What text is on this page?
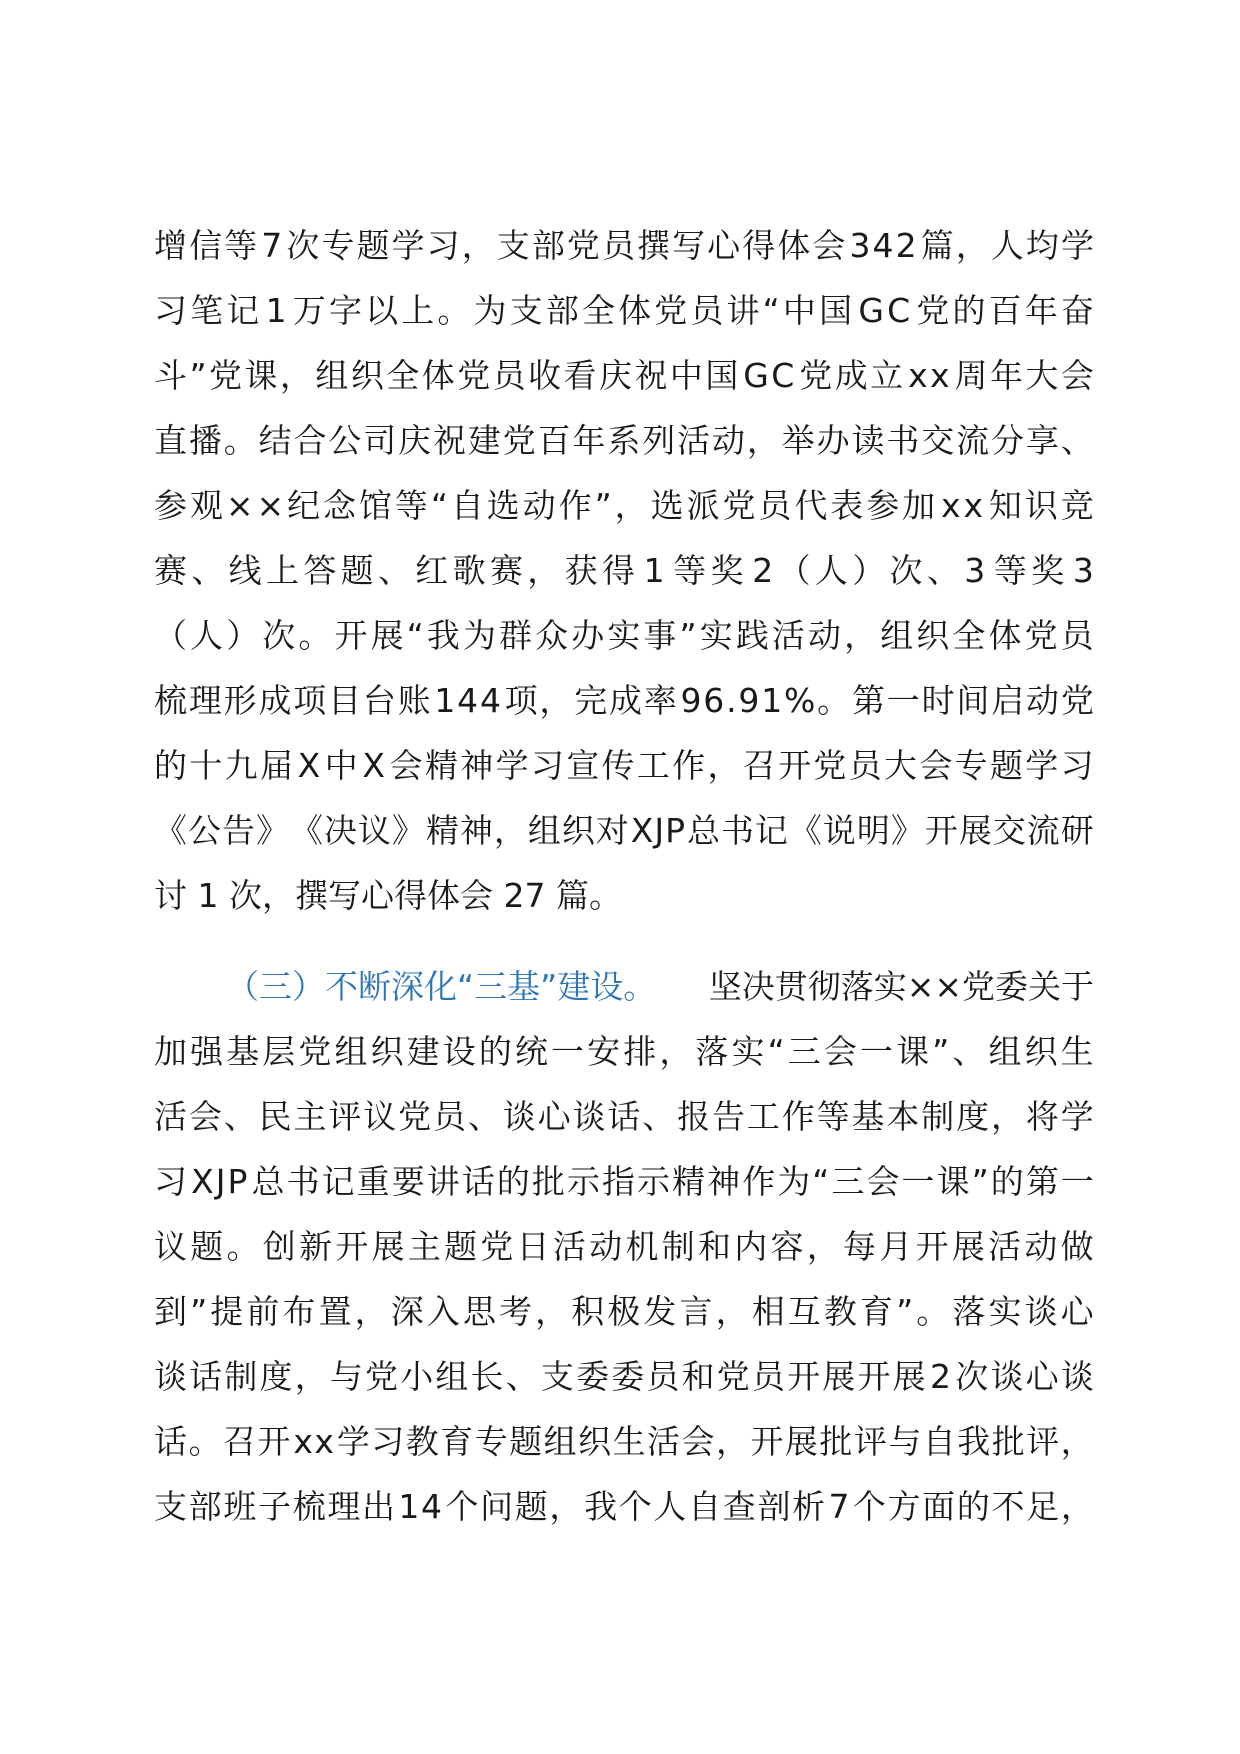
增 信 等 7 次 专 题 学 习 ， 支 部 党 员 撰 写 心 得 体 会 3 4 2 篇 ， 人 均 学
习 笔 记 1 万 字 以 上 。 为 支 部 全 体 党 员 讲 “ 中 国 G C 党 的 百 年 奋
斗 ” 党 课 ， 组 织 全 体 党 员 收 看 庆 祝 中 国 G C 党 成 立 x x 周 年 大 会
直 播 。 结 合 公 司 庆 祝 建 党 百 年 系 列 活 动 ， 举 办 读 书 交 流 分 享 、
参 观 × × 纪 念 馆 等 “ 自 选 动 作 ” ， 选 派 党 员 代 表 参 加 x x 知 识 竞
赛 、 线 上 答 题 、 红 歌 赛 ， 获 得 1 等 奖 2 （ 人 ） 次 、 3 等 奖 3
（ 人 ） 次 。 开 展 “ 我 为 群 众 办 实 事 ” 实 践 活 动 ， 组 织 全 体 党 员
梳 理 形 成 项 目 台 账 1 4 4 项 ， 完 成 率 9 6 . 9 1 % 。 第 一 时 间 启 动 党
的 十 九 届 X 中 X 会 精 神 学 习 宣 传 工 作 ， 召 开 党 员 大 会 专 题 学 习
《 公 告 》 《 决 议 》 精 神 ， 组 织 对 X J P 总 书 记 《 说 明 》 开 展 交 流 研
讨 1 次，撰写心得体会 27 篇。
（三）不断深化“三基”建设。 坚决贯彻落实××党委关于
加 强 基 层 党 组 织 建 设 的 统 一 安 排 ， 落 实 “ 三 会 一 课 ” 、 组 织 生
活 会 、 民 主 评 议 党 员 、 谈 心 谈 话 、 报 告 工 作 等 基 本 制 度 ， 将 学
习 X J P 总 书 记 重 要 讲 话 的 批 示 指 示 精 神 作 为 “ 三 会 一 课 ” 的 第 一
议 题 。 创 新 开 展 主 题 党 日 活 动 机 制 和 内 容 ， 每 月 开 展 活 动 做
到 ” 提 前 布 置 ， 深 入 思 考 ， 积 极 发 言 ， 相 互 教 育 ” 。 落 实 谈 心
谈 话 制 度 ， 与 党 小 组 长 、 支 委 委 员 和 党 员 开 展 开 展 2 次 谈 心 谈
话 。 召 开 x x 学 习 教 育 专 题 组 织 生 活 会 ， 开 展 批 评 与 自 我 批 评 ，
支 部 班 子 梳 理 出 1 4 个 问 题 ， 我 个 人 自 查 剖 析 7 个 方 面 的 不 足 ，
